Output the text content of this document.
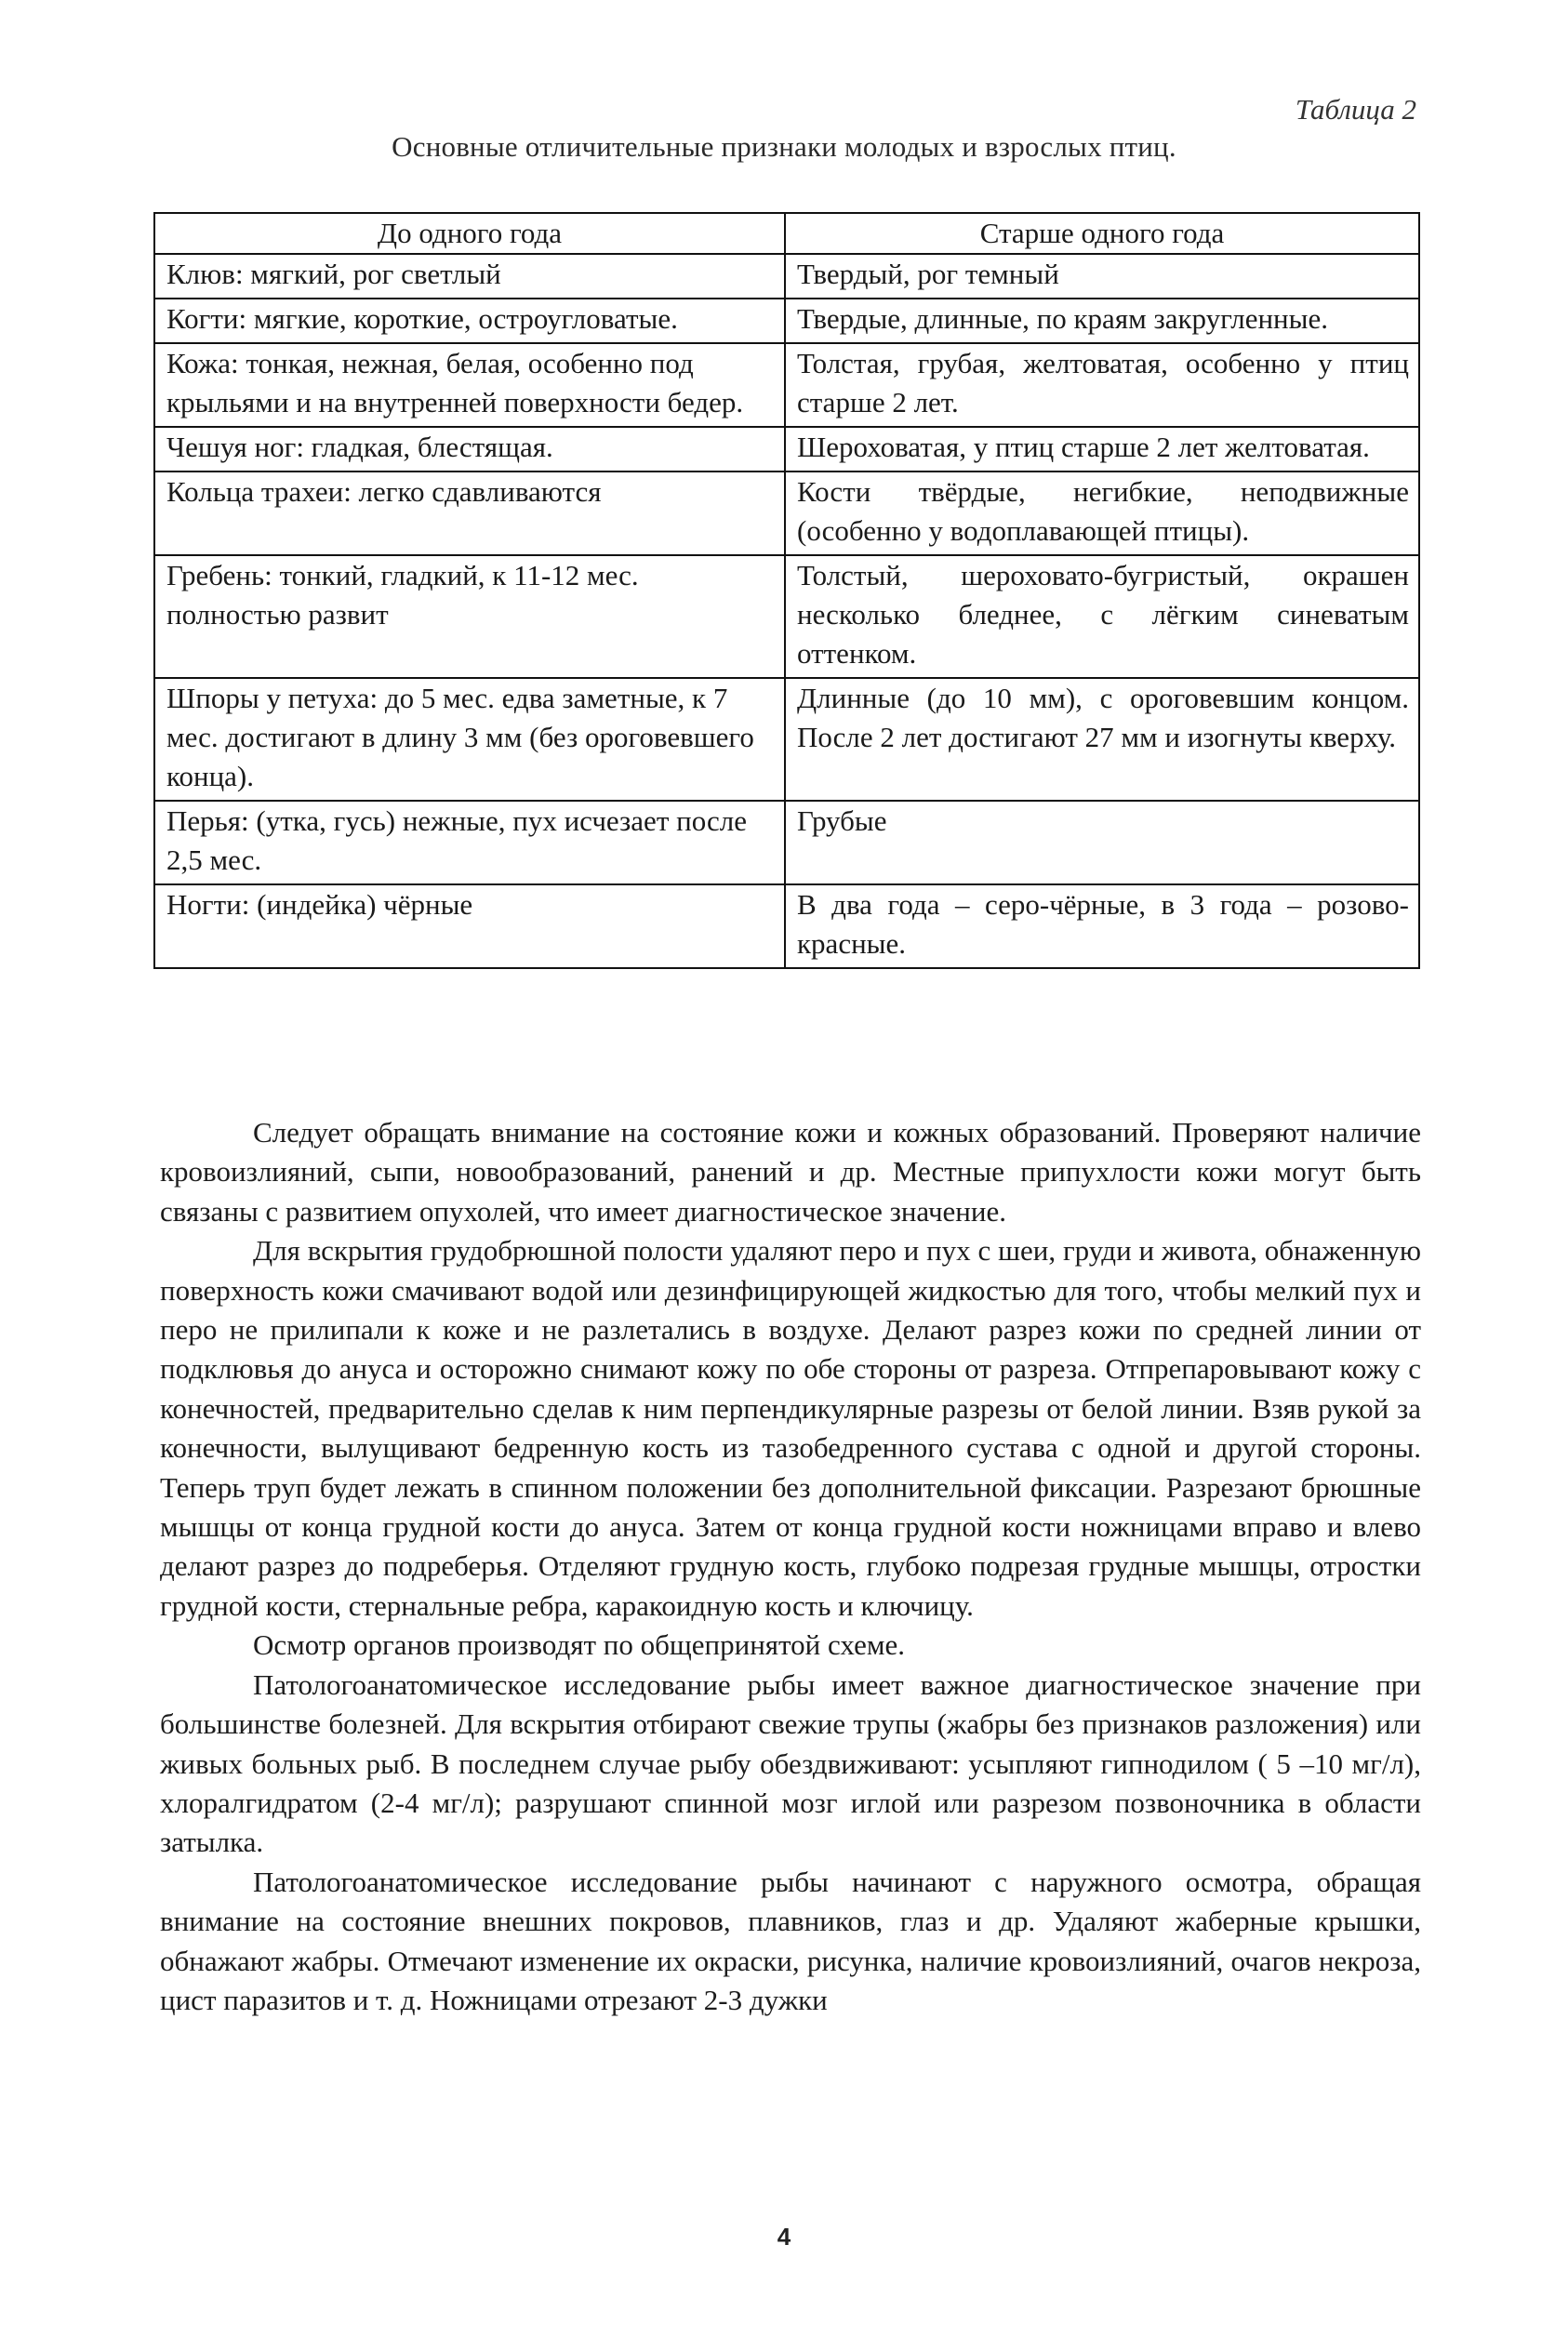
Таблица 2
Основные отличительные признаки молодых и взрослых птиц.
До одного года	Старше одного года
Клюв: мягкий, рог светлый	Твердый, рог темный
Когти: мягкие, короткие, остроугловатые.	Твердые, длинные, по краям закругленные.
Кожа: тонкая, нежная, белая, особенно под крыльями и на внутренней поверхности бедер.	Толстая, грубая, желтоватая, особенно у птиц старше 2 лет.
Чешуя ног: гладкая, блестящая.	Шероховатая, у птиц старше 2 лет желтоватая.
Кольца трахеи: легко сдавливаются	Кости твёрдые, негибкие, неподвижные (особенно у водоплавающей птицы).
Гребень: тонкий, гладкий, к 11-12 мес. полностью развит	Толстый, шероховато-бугристый, окрашен несколько бледнее, с лёгким синеватым оттенком.
Шпоры у петуха: до 5 мес. едва заметные, к 7 мес. достигают в длину 3 мм (без ороговевшего конца).	Длинные (до 10 мм), с ороговевшим концом. После 2 лет достигают 27 мм и изогнуты кверху.
Перья: (утка, гусь) нежные, пух исчезает после 2,5 мес.	Грубые
Ногти: (индейка) чёрные	В два года – серо-чёрные, в 3 года – розово-красные.

Следует обращать внимание на состояние кожи и кожных образований. Проверяют наличие кровоизлияний, сыпи, новообразований, ранений и др. Местные припухлости кожи могут быть связаны с развитием опухолей, что имеет диагностическое значение.

Для вскрытия грудобрюшной полости удаляют перо и пух с шеи, груди и живота, обнаженную поверхность кожи смачивают водой или дезинфицирующей жидкостью для того, чтобы мелкий пух и перо не прилипали к коже и не разлетались в воздухе. Делают разрез кожи по средней линии от подклювья до ануса и осторожно снимают кожу по обе стороны от разреза. Отпрепаровывают кожу с конечностей, предварительно сделав к ним перпендикулярные разрезы от белой линии. Взяв рукой за конечности, вылущивают бедренную кость из тазобедренного сустава с одной и другой стороны. Теперь труп будет лежать в спинном положении без дополнительной фиксации. Разрезают брюшные мышцы от конца грудной кости до ануса. Затем от конца грудной кости ножницами вправо и влево делают разрез до подреберья. Отделяют грудную кость, глубоко подрезая грудные мышцы, отростки грудной кости, стернальные ребра, каракоидную кость и ключицу.

Осмотр органов производят по общепринятой схеме.

Патологоанатомическое исследование рыбы имеет важное диагностическое значение при большинстве болезней. Для вскрытия отбирают свежие трупы (жабры без признаков разложения) или живых больных рыб. В последнем случае рыбу обездвиживают: усыпляют гипнодилом ( 5 –10 мг/л), хлоралгидратом (2-4 мг/л); разрушают спинной мозг иглой или разрезом позвоночника в области затылка.

Патологоанатомическое исследование рыбы начинают с наружного осмотра, обращая внимание на состояние внешних покровов, плавников, глаз и др. Удаляют жаберные крышки, обнажают жабры. Отмечают изменение их окраски, рисунка, наличие кровоизлияний, очагов некроза, цист паразитов и т. д. Ножницами отрезают 2-3 дужки

4
